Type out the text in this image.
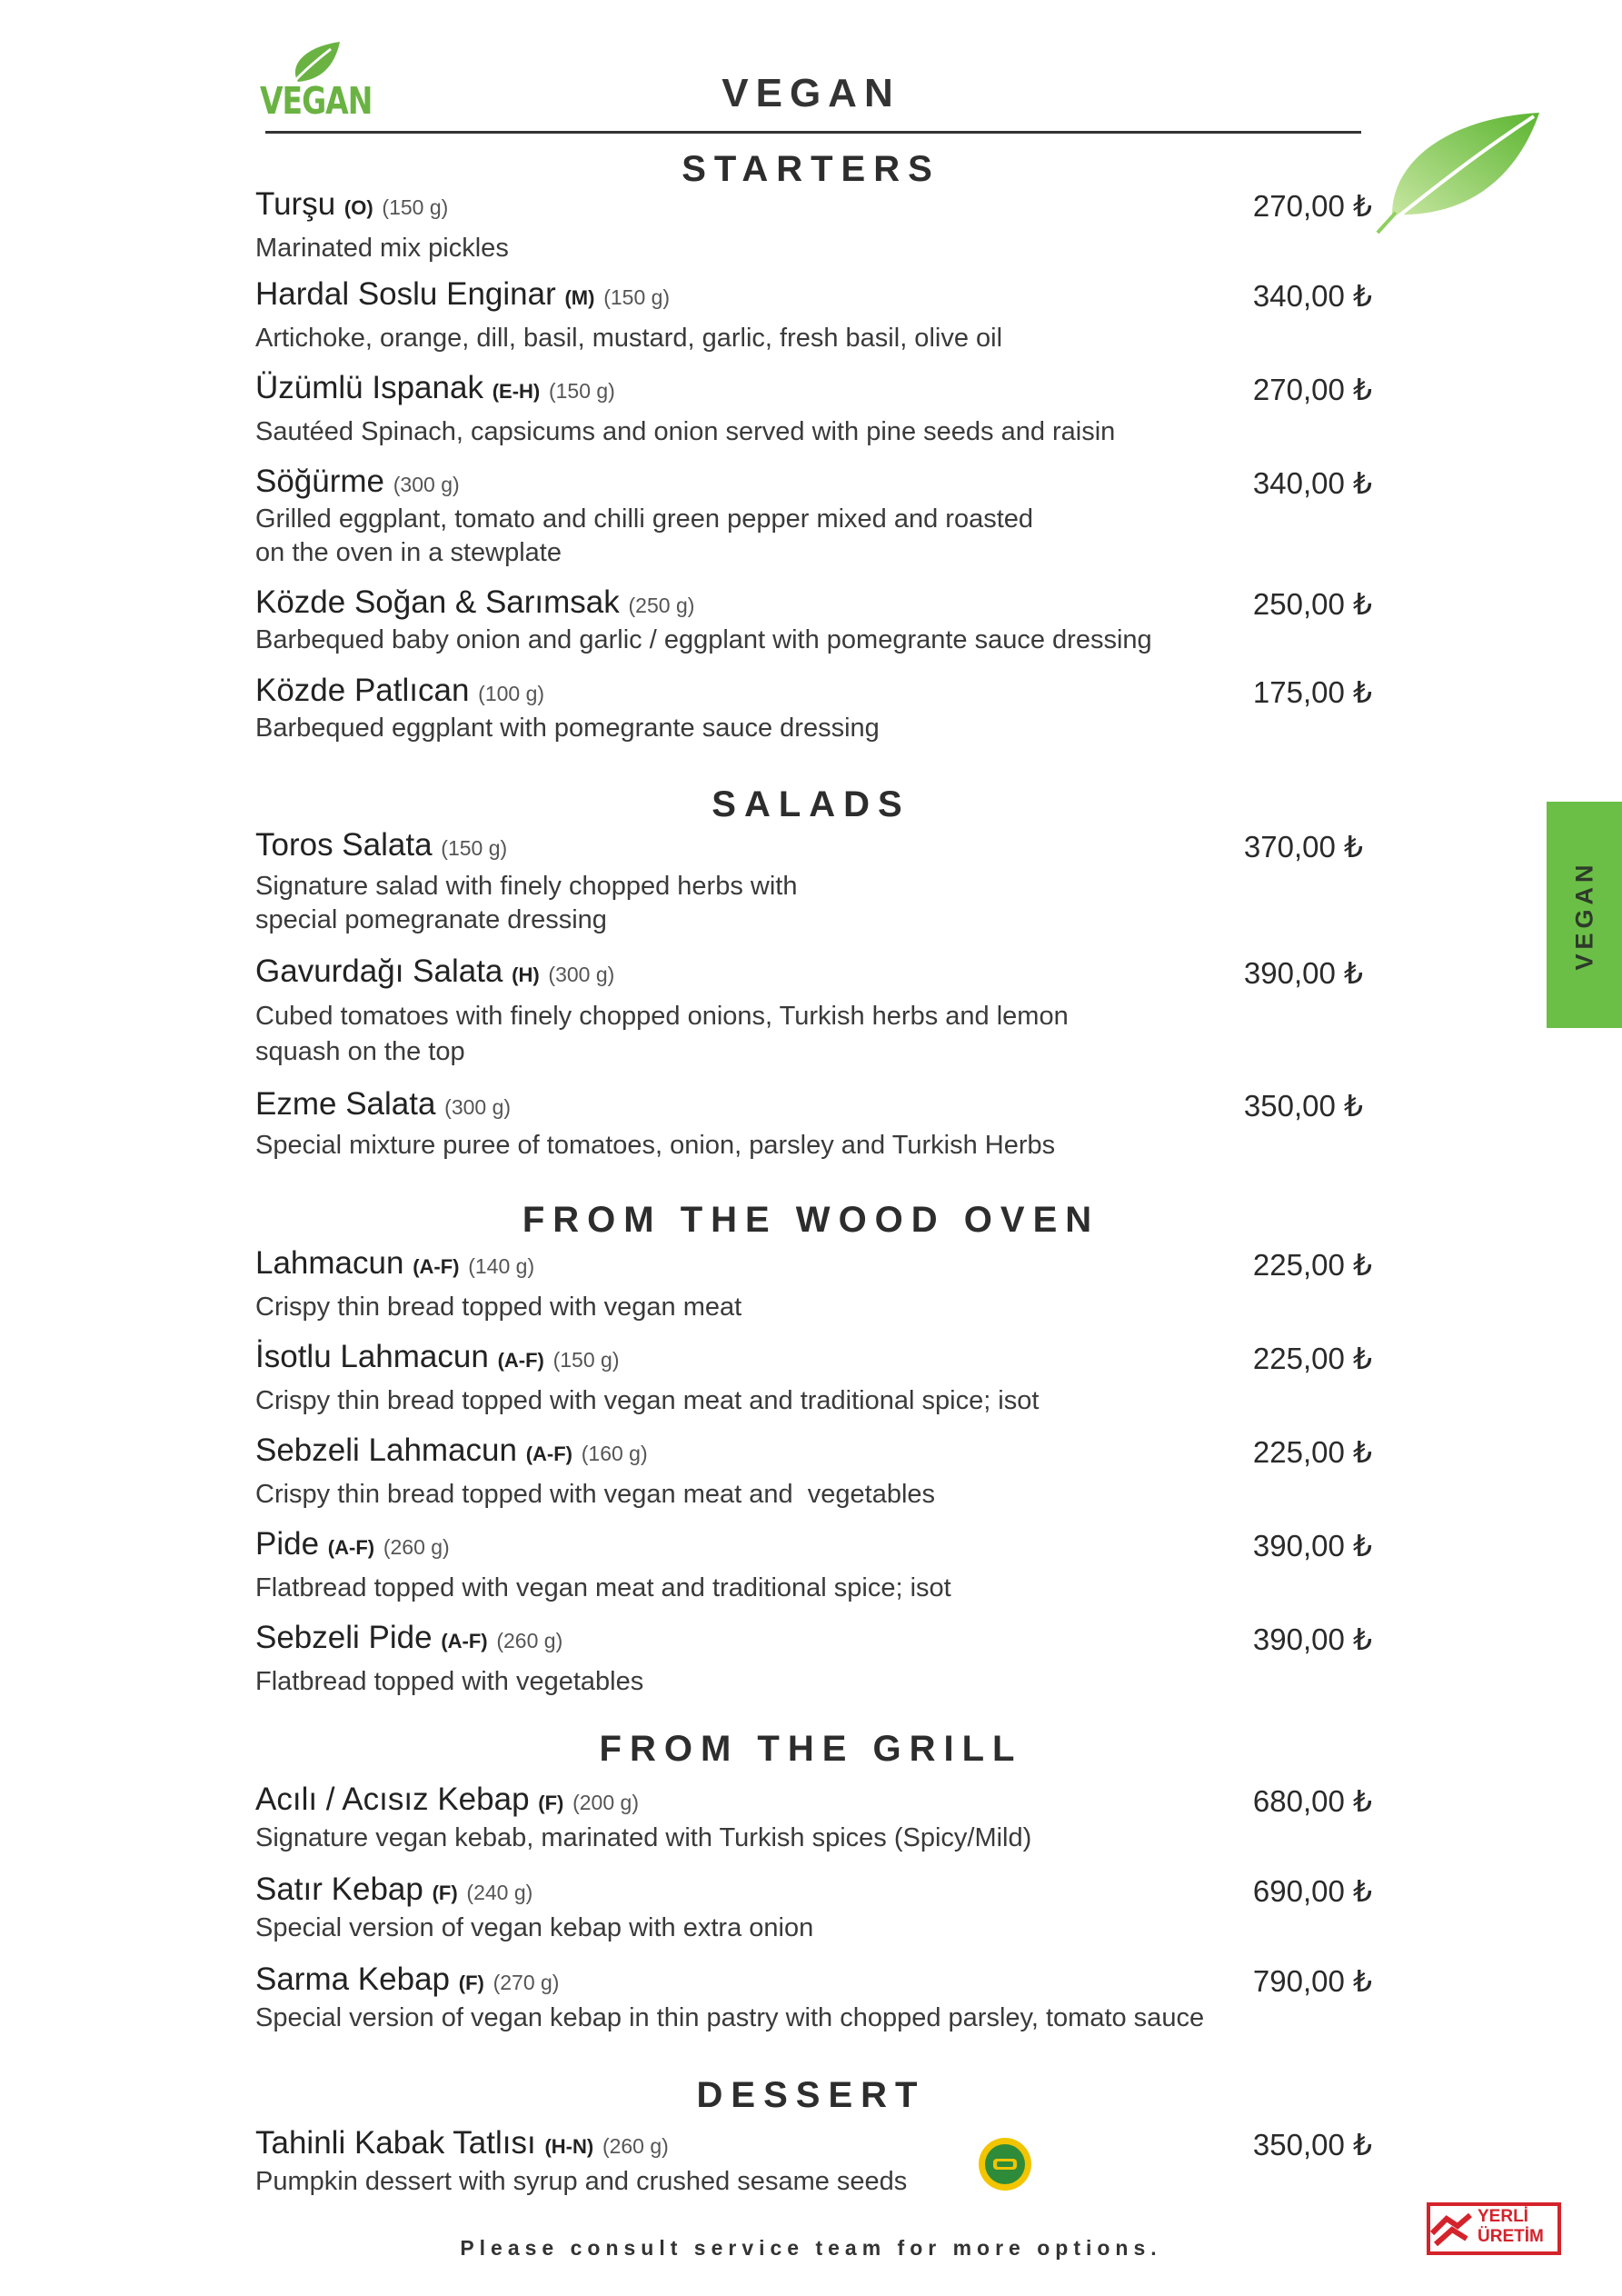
VEGAN	VEGAN
VEGAN
STARTERS
Turşu (O) (150 g)
Marinated mix pickles
270,00 ₺
Hardal Soslu Enginar (M) (150 g)
Artichoke, orange, dill, basil, mustard, garlic, fresh basil, olive oil
340,00 ₺
Üzümlü Ispanak (E-H) (150 g)
Sautéed Spinach, capsicums and onion served with pine seeds and raisin
270,00 ₺
Söğürme (300 g)
Grilled eggplant, tomato and chilli green pepper mixed and roasted
on the oven in a stewplate
340,00 ₺
Közde Soğan & Sarımsak (250 g)
Barbequed baby onion and garlic / eggplant with pomegrante sauce dressing
250,00 ₺
Közde Patlıcan (100 g)
Barbequed eggplant with pomegrante sauce dressing
175,00 ₺
SALADS
Toros Salata (150 g)
Signature salad with finely chopped herbs with
special pomegranate dressing
370,00 ₺
Gavurdağı Salata (H) (300 g)
Cubed tomatoes with finely chopped onions, Turkish herbs and lemon
squash on the top
390,00 ₺
Ezme Salata (300 g)
Special mixture puree of tomatoes, onion, parsley and Turkish Herbs
350,00 ₺
FROM THE WOOD OVEN
Lahmacun (A-F) (140 g)
Crispy thin bread topped with vegan meat
225,00 ₺
İsotlu Lahmacun (A-F) (150 g)
Crispy thin bread topped with vegan meat and traditional spice; isot
225,00 ₺
Sebzeli Lahmacun (A-F) (160 g)
Crispy thin bread topped with vegan meat and  vegetables
225,00 ₺
Pide (A-F) (260 g)
Flatbread topped with vegan meat and traditional spice; isot
390,00 ₺
Sebzeli Pide (A-F) (260 g)
Flatbread topped with vegetables
390,00 ₺
FROM THE GRILL
Acılı / Acısız Kebap (F) (200 g)
Signature vegan kebab, marinated with Turkish spices (Spicy/Mild)
680,00 ₺
Satır Kebap (F) (240 g)
Special version of vegan kebap with extra onion
690,00 ₺
Sarma Kebap (F) (270 g)
Special version of vegan kebap in thin pastry with chopped parsley, tomato sauce
790,00 ₺
DESSERT
Tahinli Kabak Tatlısı (H-N) (260 g)
Pumpkin dessert with syrup and crushed sesame seeds
350,00 ₺
Please consult service team for more options.
YERLİ
ÜRETİM
